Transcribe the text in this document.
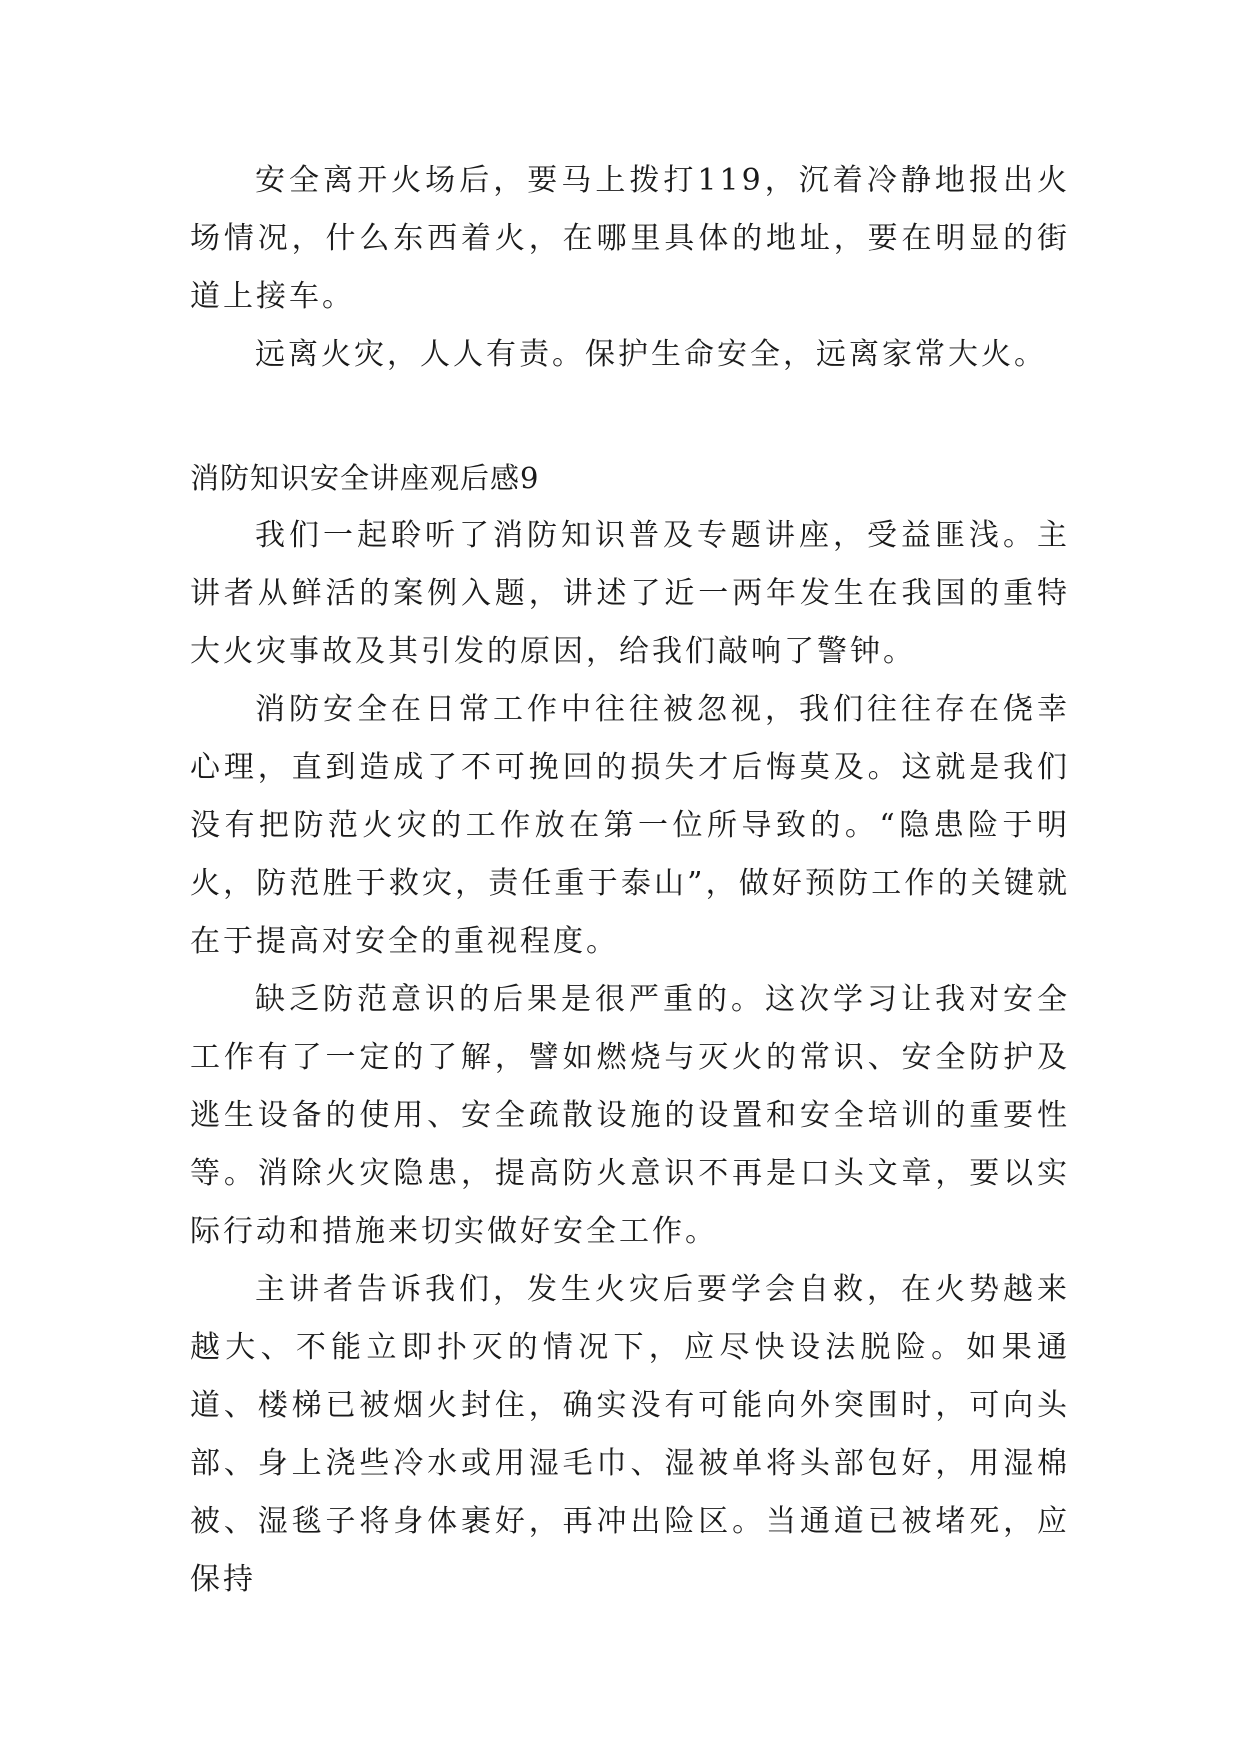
安全离开火场后，要马上拨打119，沉着冷静地报出火场情况，什么东西着火，在哪里具体的地址，要在明显的街道上接车。

远离火灾，人人有责。保护生命安全，远离家常大火。

消防知识安全讲座观后感9

我们一起聆听了消防知识普及专题讲座，受益匪浅。主讲者从鲜活的案例入题，讲述了近一两年发生在我国的重特大火灾事故及其引发的原因，给我们敲响了警钟。

消防安全在日常工作中往往被忽视，我们往往存在侥幸心理，直到造成了不可挽回的损失才后悔莫及。这就是我们没有把防范火灾的工作放在第一位所导致的。“隐患险于明火，防范胜于救灾，责任重于泰山”，做好预防工作的关键就在于提高对安全的重视程度。

缺乏防范意识的后果是很严重的。这次学习让我对安全工作有了一定的了解，譬如燃烧与灭火的常识、安全防护及逃生设备的使用、安全疏散设施的设置和安全培训的重要性等。消除火灾隐患，提高防火意识不再是口头文章，要以实际行动和措施来切实做好安全工作。

主讲者告诉我们，发生火灾后要学会自救，在火势越来越大、不能立即扑灭的情况下，应尽快设法脱险。如果通道、楼梯已被烟火封住，确实没有可能向外突围时，可向头部、身上浇些冷水或用湿毛巾、湿被单将头部包好，用湿棉被、湿毯子将身体裹好，再冲出险区。当通道已被堵死，应保持
